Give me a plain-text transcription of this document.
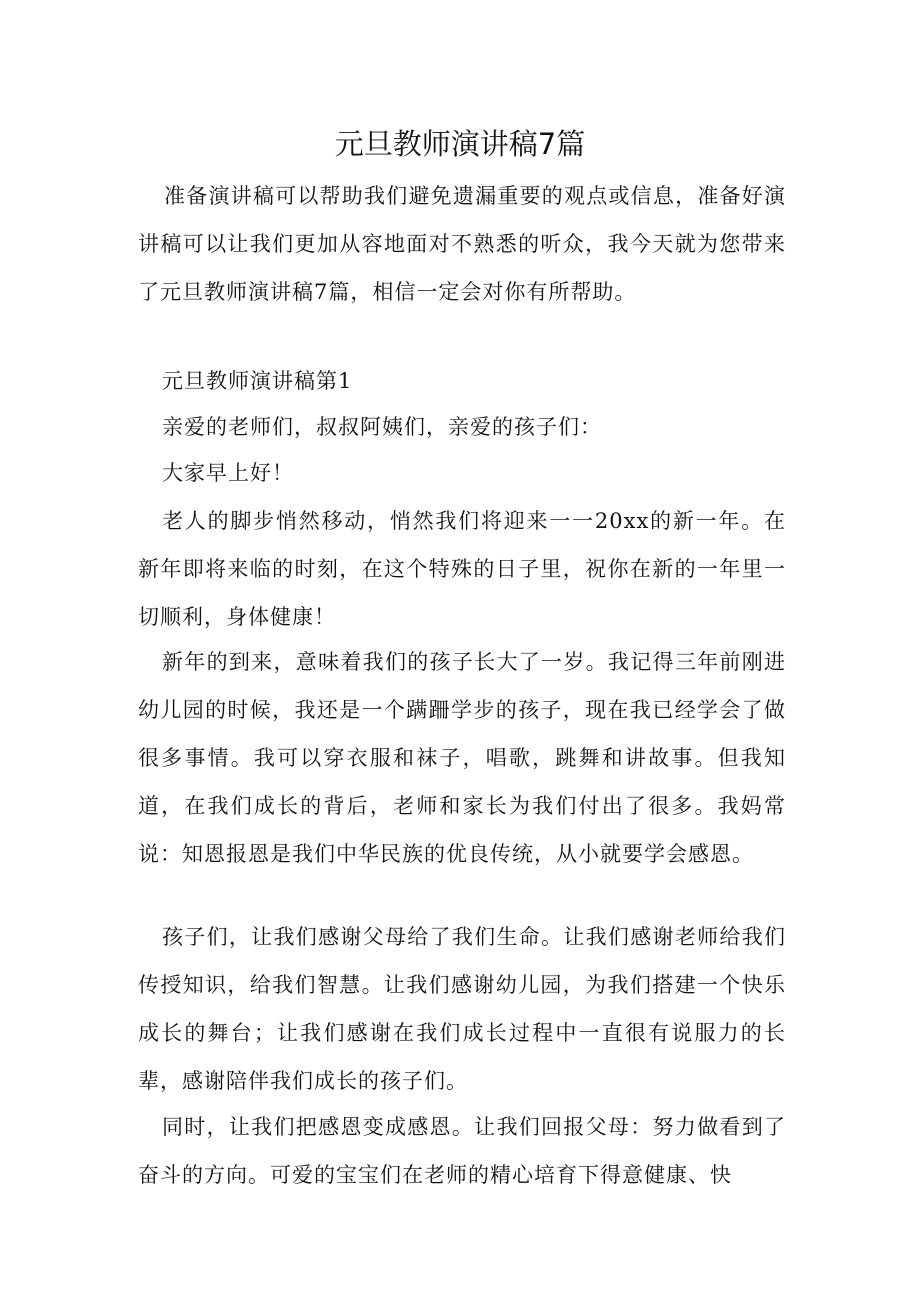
元旦教师演讲稿7篇

准备演讲稿可以帮助我们避免遗漏重要的观点或信息，准备好演讲稿可以让我们更加从容地面对不熟悉的听众，我今天就为您带来了元旦教师演讲稿7篇，相信一定会对你有所帮助。

元旦教师演讲稿第1

亲爱的老师们，叔叔阿姨们，亲爱的孩子们：

大家早上好！

老人的脚步悄然移动，悄然我们将迎来一一20xx的新一年。在新年即将来临的时刻，在这个特殊的日子里，祝你在新的一年里一切顺利，身体健康！

新年的到来，意味着我们的孩子长大了一岁。我记得三年前刚进幼儿园的时候，我还是一个蹒跚学步的孩子，现在我已经学会了做很多事情。我可以穿衣服和袜子，唱歌，跳舞和讲故事。但我知道，在我们成长的背后，老师和家长为我们付出了很多。我妈常说：知恩报恩是我们中华民族的优良传统，从小就要学会感恩。

孩子们，让我们感谢父母给了我们生命。让我们感谢老师给我们传授知识，给我们智慧。让我们感谢幼儿园，为我们搭建一个快乐成长的舞台；让我们感谢在我们成长过程中一直很有说服力的长辈，感谢陪伴我们成长的孩子们。

同时，让我们把感恩变成感恩。让我们回报父母：努力做看到了奋斗的方向。可爱的宝宝们在老师的精心培育下得意健康、快
